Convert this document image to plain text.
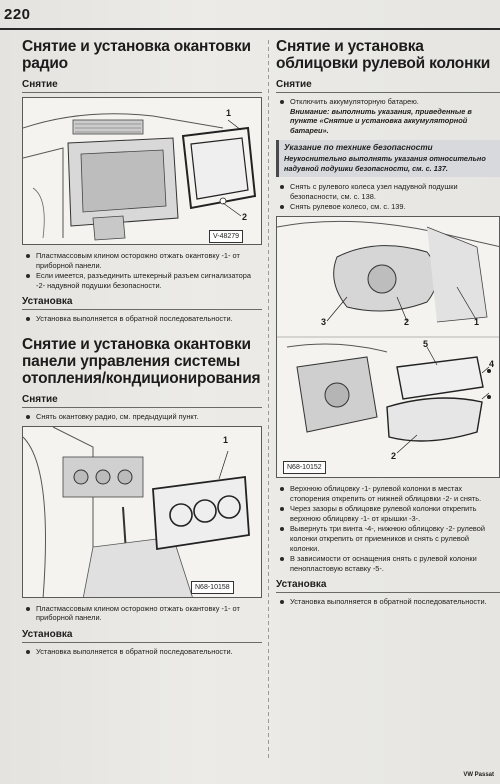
220
Снятие и установка окантовки радио
Снятие
1
2
V-48279
Пластмассовым клином осторожно отжать окантовку -1- от приборной панели.
Если имеется, разъединить штекерный разъем сигнализатора -2- надувной подушки безопасности.
Установка
Установка выполняется в обратной последовательности.
Снятие и установка окантовки панели управления системы отопления/кондиционирования
Снятие
Снять окантовку радио, см. предыдущий пункт.
1
N68-10158
Пластмассовым клином осторожно отжать окантовку -1- от приборной панели.
Установка
Установка выполняется в обратной последовательности.
Снятие и установка облицовки рулевой колонки
Снятие
Отключить аккумуляторную батарею.
Внимание: выполнить указания, приведенные в пункте «Снятие и установка аккумуляторной батареи».
Указание по технике безопасности
Неукоснительно выполнять указания относительно надувной подушки безопасности, см. с. 137.
Снять с рулевого колеса узел надувной подушки безопасности, см. с. 138.
Снять рулевое колесо, см. с. 139.
3	2	1
5
4
2
N68-10152
Верхнюю облицовку -1- рулевой колонки в местах стопорения открепить от нижней облицовки -2- и снять.
Через зазоры в облицовке рулевой колонки открепить верхнюю облицовку -1- от крышки -3-.
Вывернуть три винта -4-, нижнюю облицовку -2- рулевой колонки открепить от приемников и снять с рулевой колонки.
В зависимости от оснащения снять с рулевой колонки пенопластовую вставку -5-.
Установка
Установка выполняется в обратной последовательности.
VW Passat
